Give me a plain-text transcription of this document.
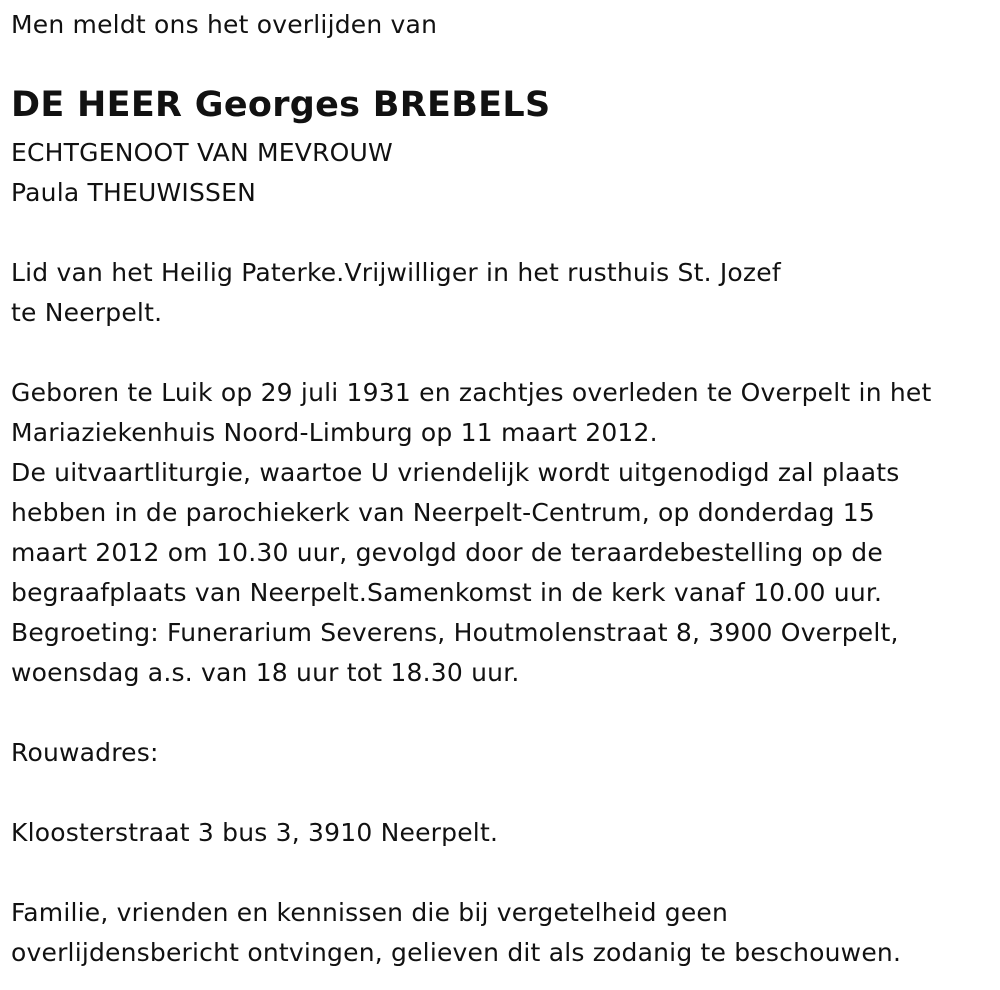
Men meldt ons het overlijden van
DE HEER Georges BREBELS
ECHTGENOOT VAN MEVROUW
Paula THEUWISSEN
Lid van het Heilig Paterke.Vrijwilliger in het rusthuis St. Jozef
te Neerpelt.
Geboren te Luik op 29 juli 1931 en zachtjes overleden te Overpelt in het
Mariaziekenhuis Noord-Limburg op 11 maart 2012.
De uitvaartliturgie, waartoe U vriendelijk wordt uitgenodigd zal plaats
hebben in de parochiekerk van Neerpelt-Centrum, op donderdag 15
maart 2012 om 10.30 uur, gevolgd door de teraardebestelling op de
begraafplaats van Neerpelt.Samenkomst in de kerk vanaf 10.00 uur.
Begroeting: Funerarium Severens, Houtmolenstraat 8, 3900 Overpelt,
woensdag a.s. van 18 uur tot 18.30 uur.
Rouwadres:
Kloosterstraat 3 bus 3, 3910 Neerpelt.
Familie, vrienden en kennissen die bij vergetelheid geen
overlijdensbericht ontvingen, gelieven dit als zodanig te beschouwen.
